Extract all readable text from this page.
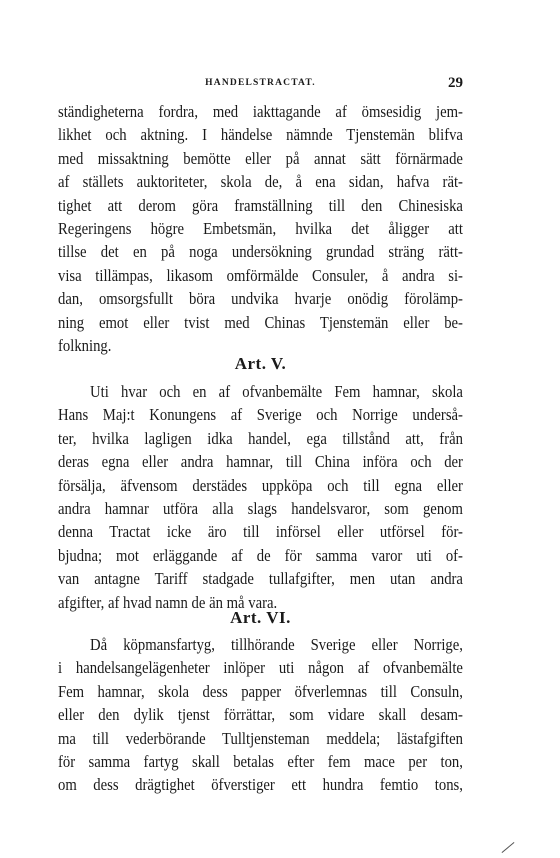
HANDELSTRACTAT.	29
ständigheterna fordra, med iakttagande af ömsesidig jem-
likhet och aktning. I händelse nämnde Tjenstemän blifva
med missaktning bemötte eller på annat sätt förnärmade
af ställets auktoriteter, skola de, å ena sidan, hafva rät-
tighet att derom göra framställning till den Chinesiska
Regeringens högre Embetsmän, hvilka det åligger att
tillse det en på noga undersökning grundad sträng rätt-
visa tillämpas, likasom omförmälde Consuler, å andra si-
dan, omsorgsfullt böra undvika hvarje onödig förolämp-
ning emot eller tvist med Chinas Tjenstemän eller be-
folkning.
Art. V.
Uti hvar och en af ofvanbemälte Fem hamnar, skola
Hans Maj:t Konungens af Sverige och Norrige underså-
ter, hvilka lagligen idka handel, ega tillstånd att, från
deras egna eller andra hamnar, till China införa och der
försälja, äfvensom derstädes uppköpa och till egna eller
andra hamnar utföra alla slags handelsvaror, som genom
denna Tractat icke äro till införsel eller utförsel för-
bjudna; mot erläggande af de för samma varor uti of-
van antagne Tariff stadgade tullafgifter, men utan andra
afgifter, af hvad namn de än må vara.
Art. VI.
Då köpmansfartyg, tillhörande Sverige eller Norrige,
i handelsangelägenheter inlöper uti någon af ofvanbemälte
Fem hamnar, skola dess papper öfverlemnas till Consuln,
eller den dylik tjenst förrättar, som vidare skall desam-
ma till vederbörande Tulltjensteman meddela; lästafgiften
för samma fartyg skall betalas efter fem mace per ton,
om dess drägtighet öfverstiger ett hundra femtio tons,
